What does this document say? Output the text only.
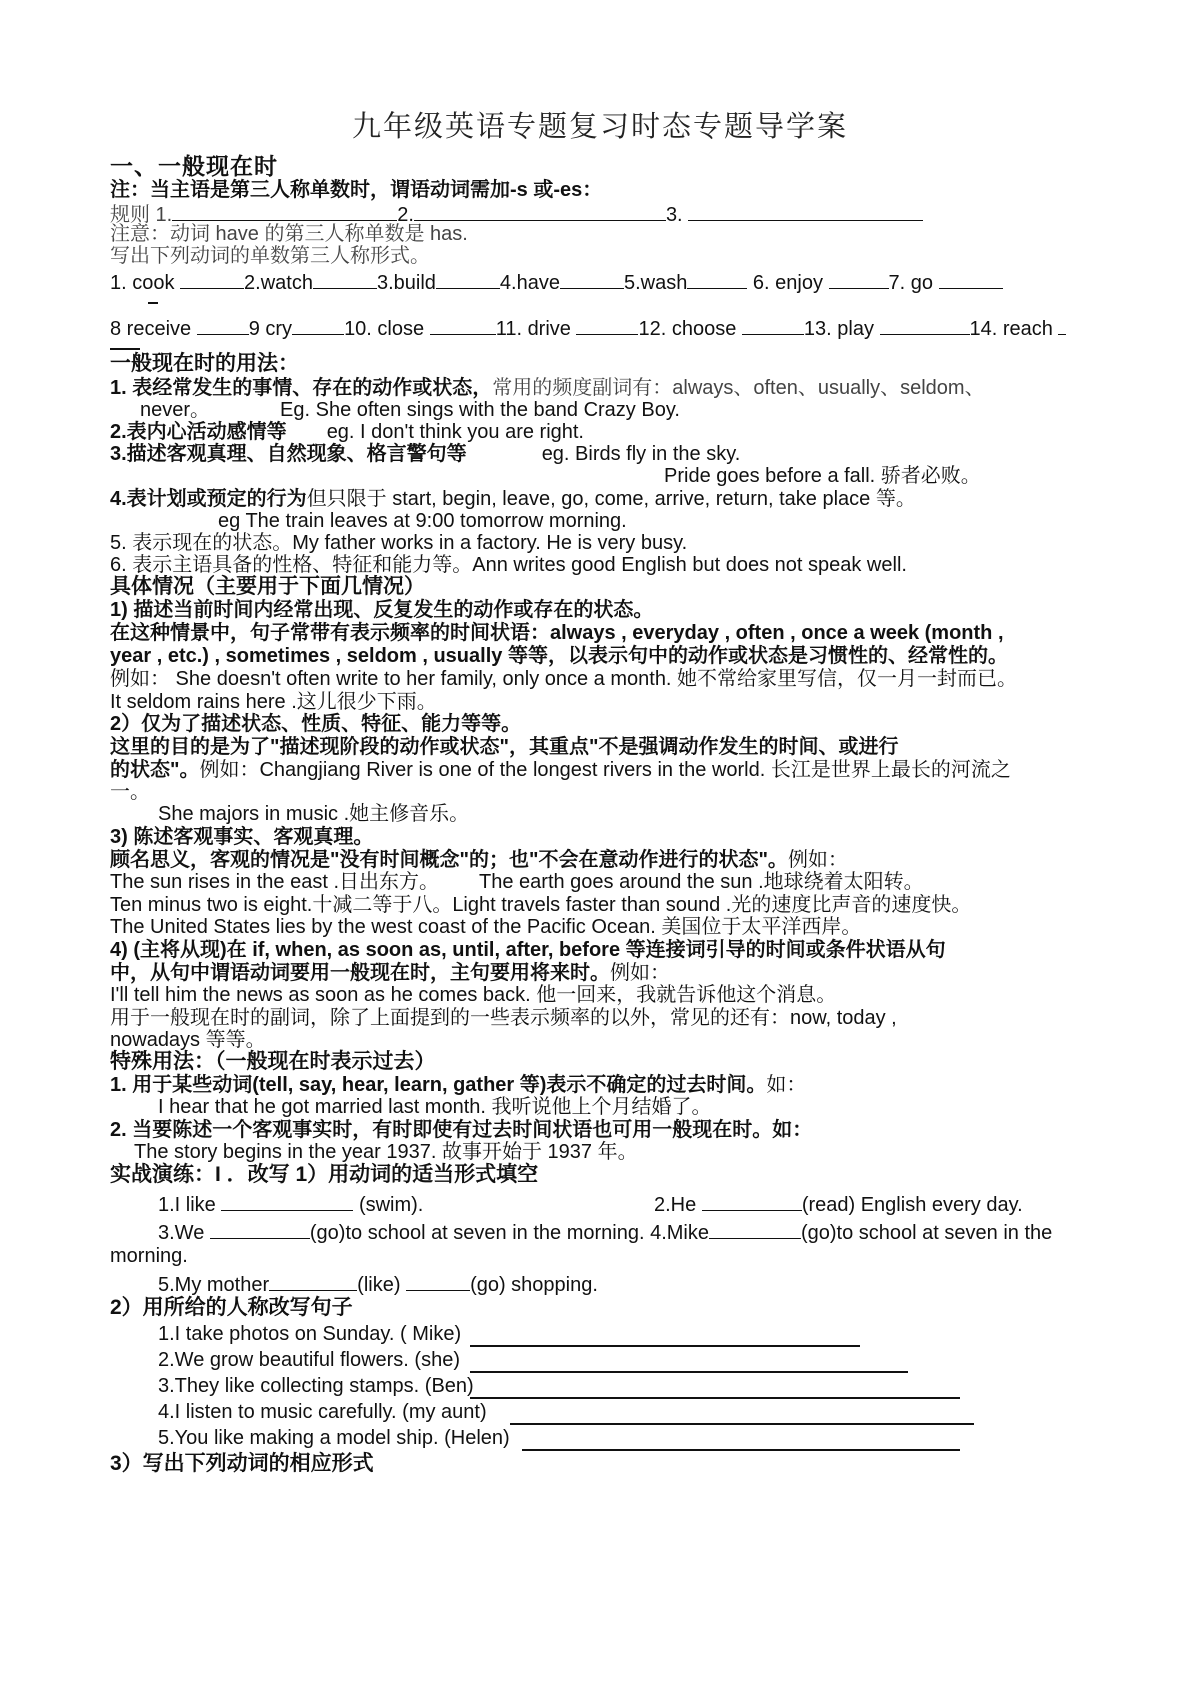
九年级英语专题复习时态专题导学案
一、一般现在时
注：当主语是第三人称单数时，谓语动词需加-s 或-es：
规则 1.	2.	3.
注意：动词 have 的第三人称单数是 has.
写出下列动词的单数第三人称形式。
1. cook	2.watch	3.build	4.have	5.wash	6. enjoy	7. go
8 receive	9 cry	10. close	11. drive	12. choose	13. play	14. reach
一般现在时的用法：
1. 表经常发生的事情、存在的动作或状态，常用的频度副词有：always、often、usually、seldom、
never。	Eg. She often sings with the band Crazy Boy.
2.表内心活动感情等 eg. I don't think you are right.
3.描述客观真理、自然现象、格言警句等	eg. Birds fly in the sky.
Pride goes before a fall. 骄者必败。
4.表计划或预定的行为但只限于 start, begin, leave, go, come, arrive, return, take place 等。
eg The train leaves at 9:00 tomorrow morning.
5. 表示现在的状态。My father works in a factory. He is very busy.
6. 表示主语具备的性格、特征和能力等。Ann writes good English but does not speak well.
具体情况（主要用于下面几情况）
1) 描述当前时间内经常出现、反复发生的动作或存在的状态。
在这种情景中，句子常带有表示频率的时间状语：always , everyday , often , once a week (month ,
year , etc.) , sometimes , seldom , usually 等等，以表示句中的动作或状态是习惯性的、经常性的。
例如： She doesn't often write to her family, only once a month. 她不常给家里写信，仅一月一封而已。
It seldom rains here .这儿很少下雨。
2）仅为了描述状态、性质、特征、能力等等。
这里的目的是为了"描述现阶段的动作或状态"，其重点"不是强调动作发生的时间、或进行
的状态"。例如：Changjiang River is one of the longest rivers in the world. 长江是世界上最长的河流之
一。
She majors in music .她主修音乐。
3) 陈述客观事实、客观真理。
顾名思义，客观的情况是"没有时间概念"的；也"不会在意动作进行的状态"。例如：
The sun rises in the east .日出东方。 The earth goes around the sun .地球绕着太阳转。
Ten minus two is eight.十减二等于八。Light travels faster than sound .光的速度比声音的速度快。
The United States lies by the west coast of the Pacific Ocean. 美国位于太平洋西岸。
4) (主将从现)在 if, when, as soon as, until, after, before 等连接词引导的时间或条件状语从句
中，从句中谓语动词要用一般现在时，主句要用将来时。例如：
I'll tell him the news as soon as he comes back. 他一回来，我就告诉他这个消息。
用于一般现在时的副词，除了上面提到的一些表示频率的以外，常见的还有：now, today ,
nowadays 等等。
特殊用法：（一般现在时表示过去）
1. 用于某些动词(tell, say, hear, learn, gather 等)表示不确定的过去时间。如：
I hear that he got married last month. 我听说他上个月结婚了。
2. 当要陈述一个客观事实时，有时即使有过去时间状语也可用一般现在时。如：
The story begins in the year 1937. 故事开始于 1937 年。
实战演练：I ．改写 1）用动词的适当形式填空
1.I like	(swim).	2.He	(read) English every day.
3.We	(go)to school at seven in the morning. 4.Mike	(go)to school at seven in the
morning.
5.My mother	(like)	(go) shopping.
2）用所给的人称改写句子
1.I take photos on Sunday. ( Mike)
2.We grow beautiful flowers. (she)
3.They like collecting stamps. (Ben)
4.I listen to music carefully. (my aunt)
5.You like making a model ship. (Helen)
3）写出下列动词的相应形式
